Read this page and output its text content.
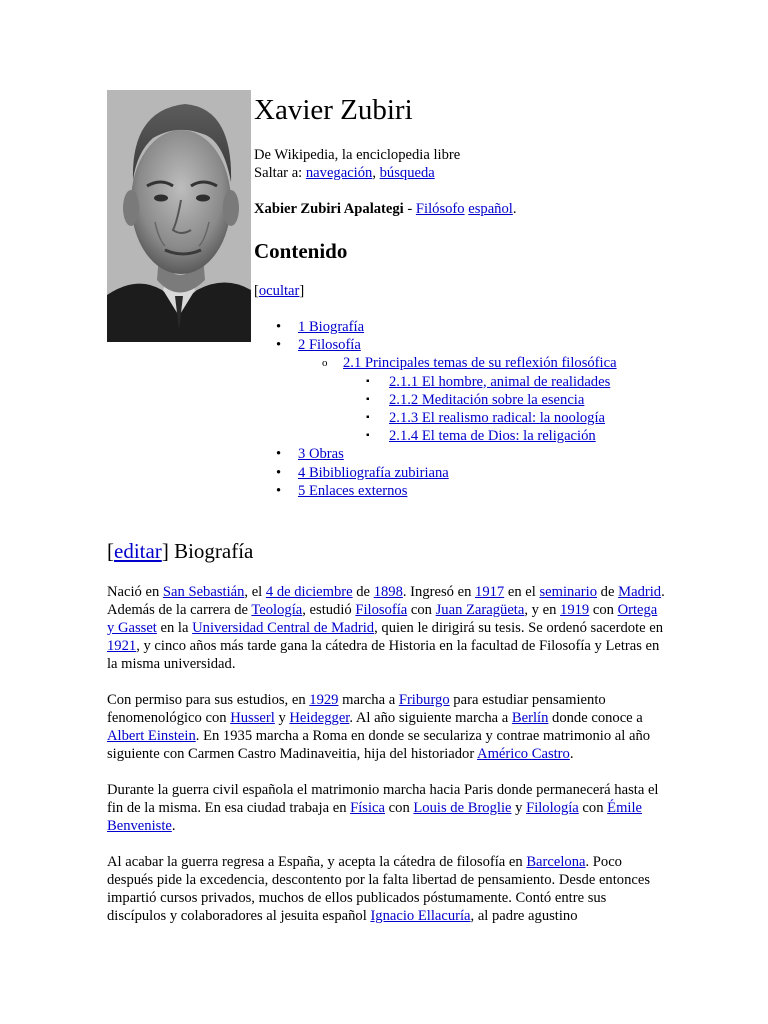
Xavier Zubiri
De Wikipedia, la enciclopedia libre
Saltar a: navegación, búsqueda
Xabier Zubiri Apalategi - Filósofo español.
Contenido
[ocultar]
• 1 Biografía
• 2 Filosofía
o 2.1 Principales temas de su reflexión filosófica
▪ 2.1.1 El hombre, animal de realidades
▪ 2.1.2 Meditación sobre la esencia
▪ 2.1.3 El realismo radical: la noología
▪ 2.1.4 El tema de Dios: la religación
• 3 Obras
• 4 Bibibliografía zubiriana
• 5 Enlaces externos
[editar] Biografía

Nació en San Sebastián, el 4 de diciembre de 1898. Ingresó en 1917 en el seminario de Madrid. Además de la carrera de Teología, estudió Filosofía con Juan Zaragüeta, y en 1919 con Ortega y Gasset en la Universidad Central de Madrid, quien le dirigirá su tesis. Se ordenó sacerdote en 1921, y cinco años más tarde gana la cátedra de Historia en la facultad de Filosofía y Letras en la misma universidad.

Con permiso para sus estudios, en 1929 marcha a Friburgo para estudiar pensamiento fenomenológico con Husserl y Heidegger. Al año siguiente marcha a Berlín donde conoce a Albert Einstein. En 1935 marcha a Roma en donde se seculariza y contrae matrimonio al año siguiente con Carmen Castro Madinaveitia, hija del historiador Américo Castro.

Durante la guerra civil española el matrimonio marcha hacia Paris donde permanecerá hasta el fin de la misma. En esa ciudad trabaja en Física con Louis de Broglie y Filología con Émile Benveniste.

Al acabar la guerra regresa a España, y acepta la cátedra de filosofía en Barcelona. Poco después pide la excedencia, descontento por la falta libertad de pensamiento. Desde entonces impartió cursos privados, muchos de ellos publicados póstumamente. Contó entre sus discípulos y colaboradores al jesuita español Ignacio Ellacuría, al padre agustino
